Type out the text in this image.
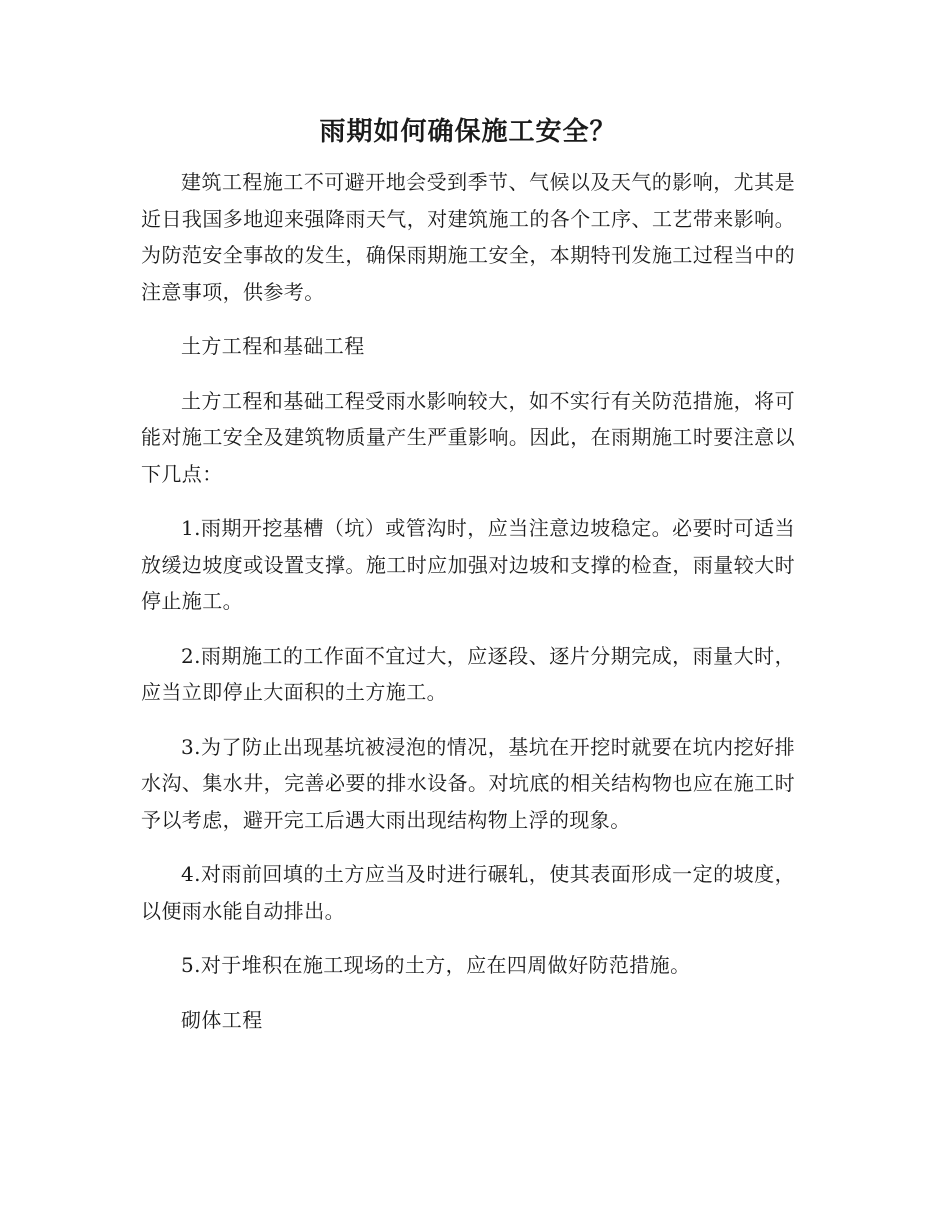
雨期如何确保施工安全？

建筑工程施工不可避开地会受到季节、气候以及天气的影响，尤其是近日我国多地迎来强降雨天气，对建筑施工的各个工序、工艺带来影响。为防范安全事故的发生，确保雨期施工安全，本期特刊发施工过程当中的注意事项，供参考。

土方工程和基础工程

土方工程和基础工程受雨水影响较大，如不实行有关防范措施，将可能对施工安全及建筑物质量产生严重影响。因此，在雨期施工时要注意以下几点：

1.雨期开挖基槽（坑）或管沟时，应当注意边坡稳定。必要时可适当放缓边坡度或设置支撑。施工时应加强对边坡和支撑的检查，雨量较大时停止施工。

2.雨期施工的工作面不宜过大，应逐段、逐片分期完成，雨量大时，应当立即停止大面积的土方施工。

3.为了防止出现基坑被浸泡的情况，基坑在开挖时就要在坑内挖好排水沟、集水井，完善必要的排水设备。对坑底的相关结构物也应在施工时予以考虑，避开完工后遇大雨出现结构物上浮的现象。

4.对雨前回填的土方应当及时进行碾轧，使其表面形成一定的坡度，以便雨水能自动排出。

5.对于堆积在施工现场的土方，应在四周做好防范措施。

砌体工程
